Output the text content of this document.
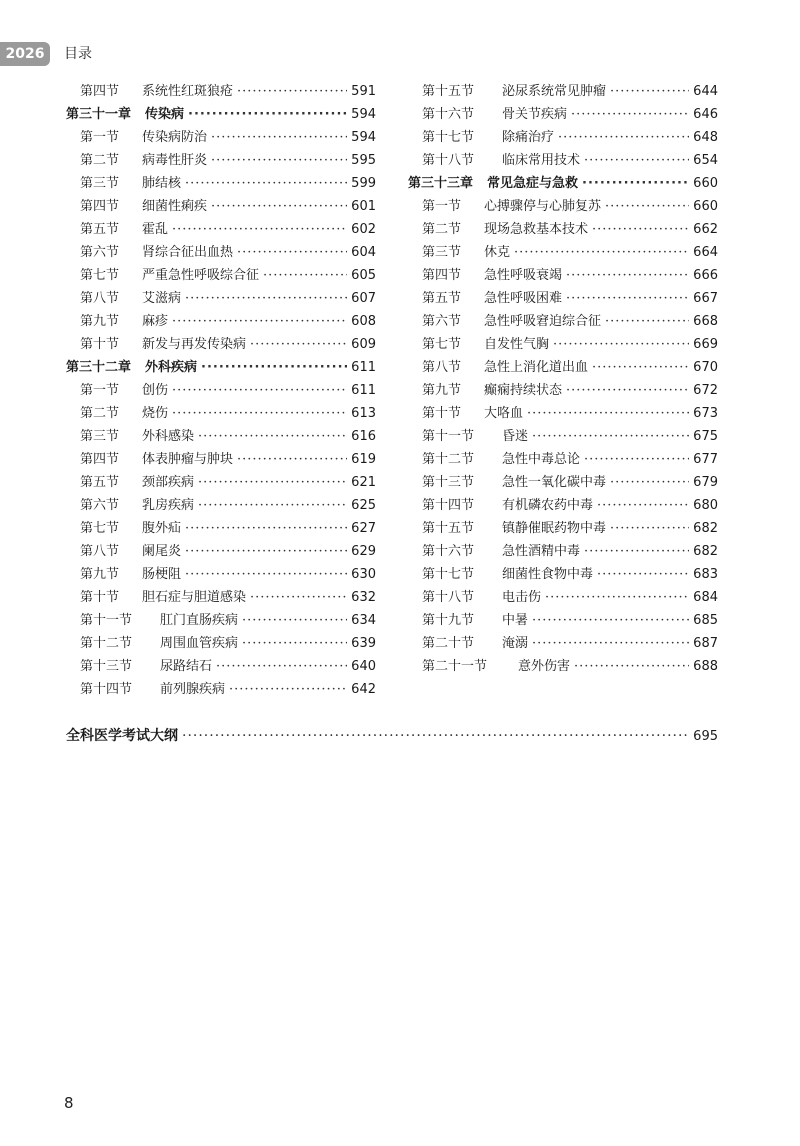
2026	目录
第四节	系统性红斑狼疮 ·····	591
第三十一章 传染病 ·····	594
第一节	传染病防治 ·····	594
第二节	病毒性肝炎 ·····	595
第三节	肺结核 ·····	599
第四节	细菌性痢疾 ·····	601
第五节	霍乱 ·····	602
第六节	肾综合征出血热 ·····	604
第七节	严重急性呼吸综合征 ·····	605
第八节	艾滋病 ·····	607
第九节	麻疹 ·····	608
第十节	新发与再发传染病 ·····	609
第三十二章 外科疾病 ·····	611
第一节	创伤 ·····	611
第二节	烧伤 ·····	613
第三节	外科感染 ·····	616
第四节	体表肿瘤与肿块 ·····	619
第五节	颈部疾病 ·····	621
第六节	乳房疾病 ·····	625
第七节	腹外疝 ·····	627
第八节	阑尾炎 ·····	629
第九节	肠梗阻 ·····	630
第十节	胆石症与胆道感染 ·····	632
第十一节	肛门直肠疾病 ·····	634
第十二节	周围血管疾病 ·····	639
第十三节	尿路结石 ·····	640
第十四节	前列腺疾病 ·····	642
第十五节	泌尿系统常见肿瘤 ·····	644
第十六节	骨关节疾病 ·····	646
第十七节	除痛治疗 ·····	648
第十八节	临床常用技术 ·····	654
第三十三章 常见急症与急救 ·····	660
第一节	心搏骤停与心肺复苏 ·····	660
第二节	现场急救基本技术 ·····	662
第三节	休克 ·····	664
第四节	急性呼吸衰竭 ·····	666
第五节	急性呼吸困难 ·····	667
第六节	急性呼吸窘迫综合征 ·····	668
第七节	自发性气胸 ·····	669
第八节	急性上消化道出血 ·····	670
第九节	癫痫持续状态 ·····	672
第十节	大咯血 ·····	673
第十一节	昏迷 ·····	675
第十二节	急性中毒总论 ·····	677
第十三节	急性一氧化碳中毒 ·····	679
第十四节	有机磷农药中毒 ·····	680
第十五节	镇静催眠药物中毒 ·····	682
第十六节	急性酒精中毒 ·····	682
第十七节	细菌性食物中毒 ·····	683
第十八节	电击伤 ·····	684
第十九节	中暑 ·····	685
第二十节	淹溺 ·····	687
第二十一节	意外伤害 ·····	688
全科医学考试大纲 ·····	695
8
